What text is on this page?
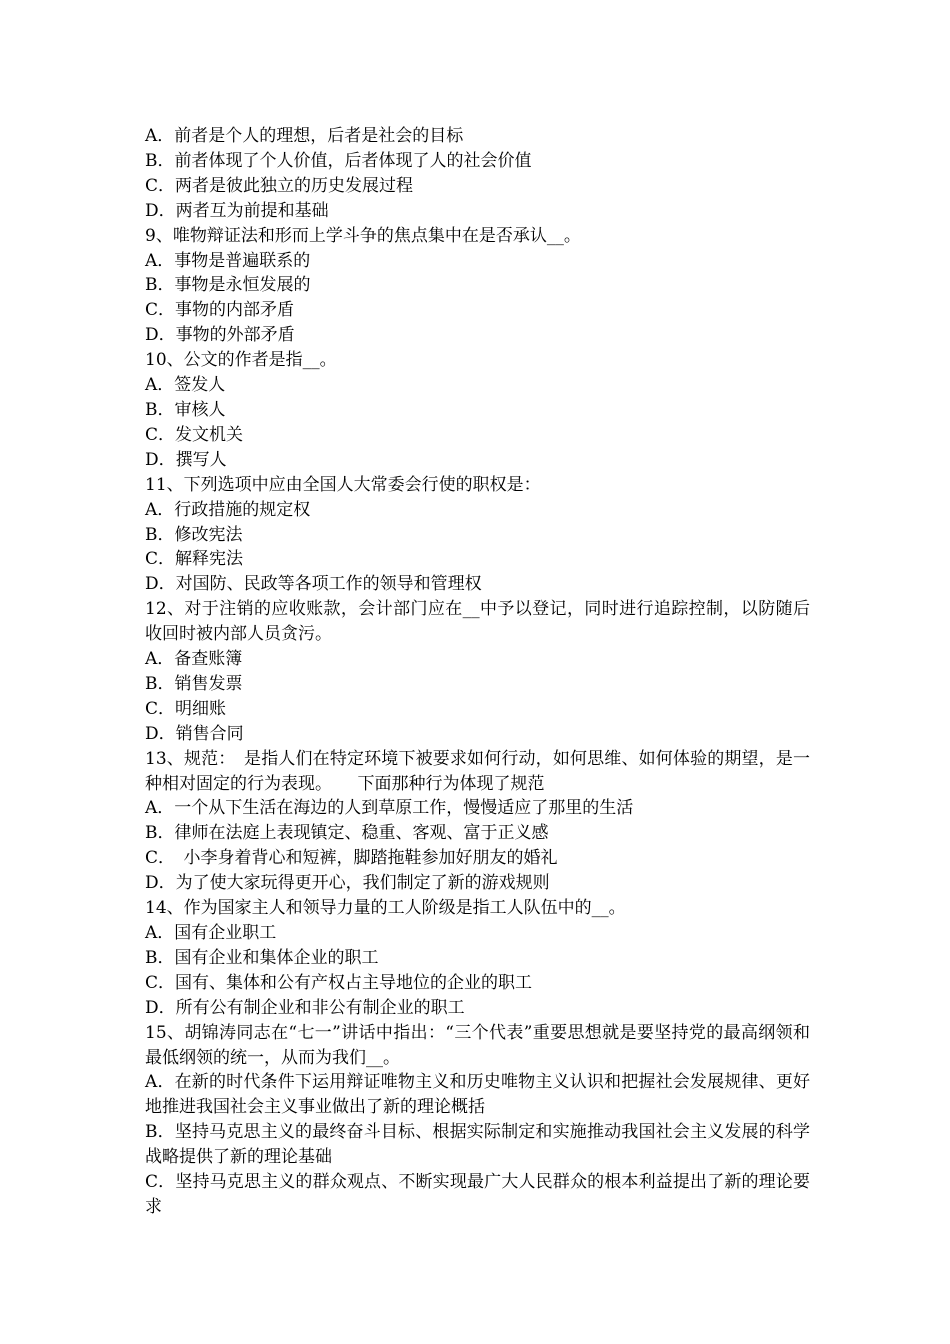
A．前者是个人的理想，后者是社会的目标
B．前者体现了个人价值，后者体现了人的社会价值
C．两者是彼此独立的历史发展过程
D．两者互为前提和基础
9、唯物辩证法和形而上学斗争的焦点集中在是否承认__。
A．事物是普遍联系的
B．事物是永恒发展的
C．事物的内部矛盾
D．事物的外部矛盾
10、公文的作者是指__。
A．签发人
B．审核人
C．发文机关
D．撰写人
11、下列选项中应由全国人大常委会行使的职权是：
A．行政措施的规定权
B．修改宪法
C．解释宪法
D．对国防、民政等各项工作的领导和管理权
12、对于注销的应收账款，会计部门应在__中予以登记，同时进行追踪控制，以防随后收回时被内部人员贪污。
A．备查账簿
B．销售发票
C．明细账
D．销售合同
13、规范：　是指人们在特定环境下被要求如何行动，如何思维、如何体验的期望，是一种相对固定的行为表现。　　下面那种行为体现了规范
A．一个从下生活在海边的人到草原工作，慢慢适应了那里的生活
B．律师在法庭上表现镇定、稳重、客观、富于正义感
C．　小李身着背心和短裤，脚踏拖鞋参加好朋友的婚礼
D．为了使大家玩得更开心，我们制定了新的游戏规则
14、作为国家主人和领导力量的工人阶级是指工人队伍中的__。
A．国有企业职工
B．国有企业和集体企业的职工
C．国有、集体和公有产权占主导地位的企业的职工
D．所有公有制企业和非公有制企业的职工
15、胡锦涛同志在“七一”讲话中指出：“三个代表”重要思想就是要坚持党的最高纲领和最低纲领的统一，从而为我们__。
A．在新的时代条件下运用辩证唯物主义和历史唯物主义认识和把握社会发展规律、更好地推进我国社会主义事业做出了新的理论概括
B．坚持马克思主义的最终奋斗目标、根据实际制定和实施推动我国社会主义发展的科学战略提供了新的理论基础
C．坚持马克思主义的群众观点、不断实现最广大人民群众的根本利益提出了新的理论要求
